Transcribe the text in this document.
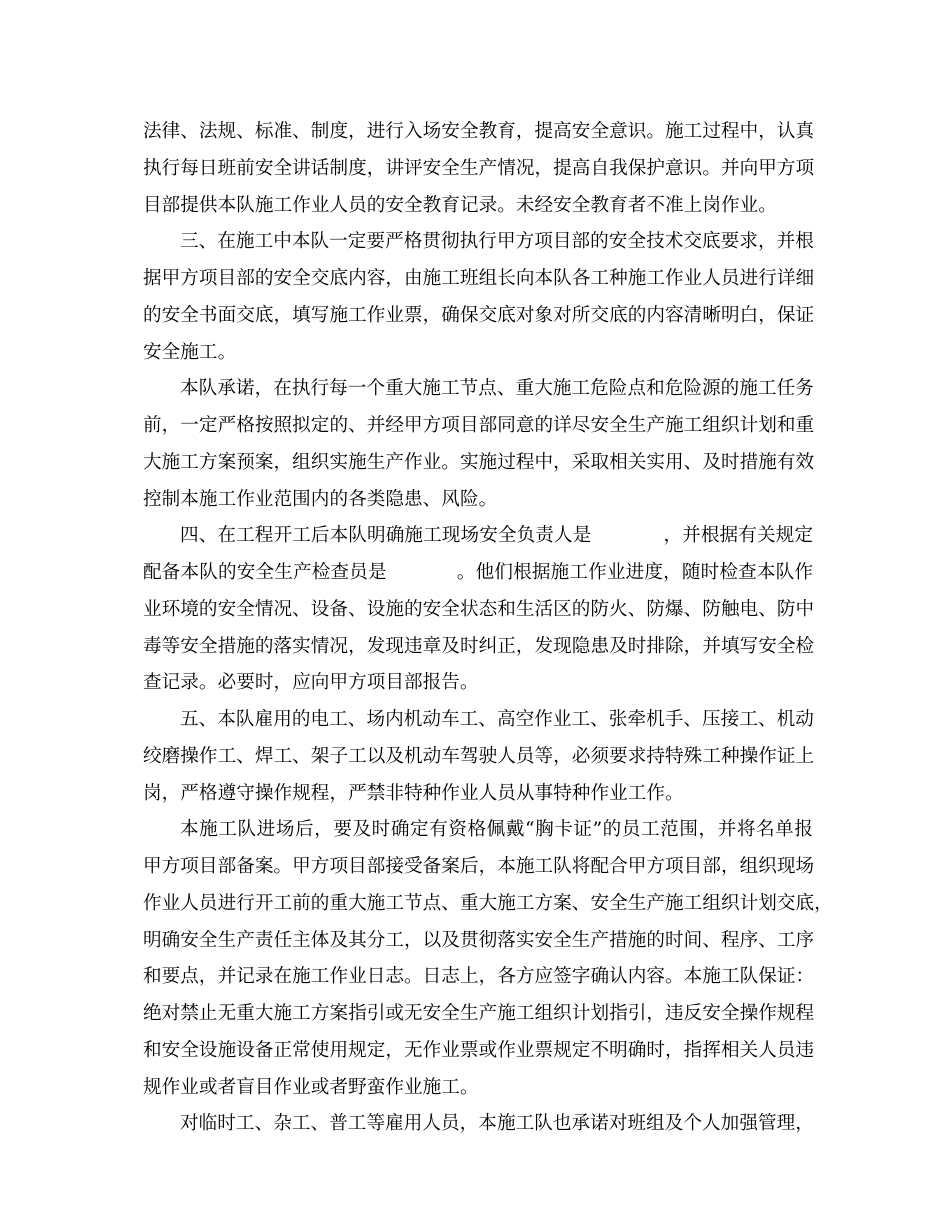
法律、法规、标准、制度，进行入场安全教育，提高安全意识。施工过程中，认真
执行每日班前安全讲话制度，讲评安全生产情况，提高自我保护意识。并向甲方项
目部提供本队施工作业人员的安全教育记录。未经安全教育者不准上岗作业。
三、在施工中本队一定要严格贯彻执行甲方项目部的安全技术交底要求，并根
据甲方项目部的安全交底内容，由施工班组长向本队各工种施工作业人员进行详细
的安全书面交底，填写施工作业票，确保交底对象对所交底的内容清晰明白，保证
安全施工。
本队承诺，在执行每一个重大施工节点、重大施工危险点和危险源的施工任务
前，一定严格按照拟定的、并经甲方项目部同意的详尽安全生产施工组织计划和重
大施工方案预案，组织实施生产作业。实施过程中，采取相关实用、及时措施有效
控制本施工作业范围内的各类隐患、风险。
四、在工程开工后本队明确施工现场安全负责人是	，并根据有关规定
配备本队的安全生产检查员是	。他们根据施工作业进度，随时检查本队作
业环境的安全情况、设备、设施的安全状态和生活区的防火、防爆、防触电、防中
毒等安全措施的落实情况，发现违章及时纠正，发现隐患及时排除，并填写安全检
查记录。必要时，应向甲方项目部报告。
五、本队雇用的电工、场内机动车工、高空作业工、张牵机手、压接工、机动
绞磨操作工、焊工、架子工以及机动车驾驶人员等，必须要求持特殊工种操作证上
岗，严格遵守操作规程，严禁非特种作业人员从事特种作业工作。
本施工队进场后，要及时确定有资格佩戴“胸卡证”的员工范围，并将名单报
甲方项目部备案。甲方项目部接受备案后，本施工队将配合甲方项目部，组织现场
作业人员进行开工前的重大施工节点、重大施工方案、安全生产施工组织计划交底，
明确安全生产责任主体及其分工，以及贯彻落实安全生产措施的时间、程序、工序
和要点，并记录在施工作业日志。日志上，各方应签字确认内容。本施工队保证：
绝对禁止无重大施工方案指引或无安全生产施工组织计划指引，违反安全操作规程
和安全设施设备正常使用规定，无作业票或作业票规定不明确时，指挥相关人员违
规作业或者盲目作业或者野蛮作业施工。
对临时工、杂工、普工等雇用人员，本施工队也承诺对班组及个人加强管理，
